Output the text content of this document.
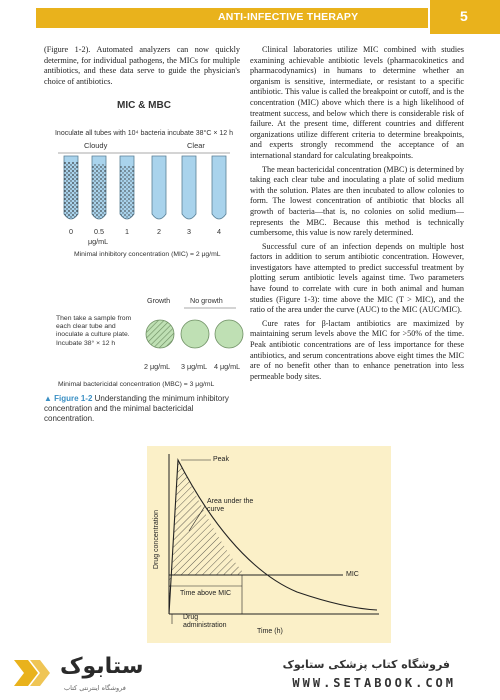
ANTI-INFECTIVE THERAPY	5

(Figure 1-2). Automated analyzers can now quickly determine, for individual pathogens, the MICs for multiple antibiotics, and these data serve to guide the physician's choice of antibiotics.

MIC & MBC
Inoculate all tubes with 10⁴ bacteria incubate 38°C × 12 h
Cloudy	Clear
0	0.5	1	2	3	4
μg/mL
Minimal inhibitory concentration (MIC) = 2 μg/mL
Growth	No growth
Then take a sample from each clear tube and inoculate a culture plate. Incubate 38° × 12 h
2 μg/mL 3 μg/mL 4 μg/mL
Minimal bactericidal concentration (MBC) = 3 μg/mL
▲ Figure 1-2 Understanding the minimum inhibitory concentration and the minimal bactericidal concentration.

Clinical laboratories utilize MIC combined with studies examining achievable antibiotic levels (pharmacokinetics and pharmacodynamics) in humans to determine whether an organism is sensitive, intermediate, or resistant to a specific antibiotic. This value is called the breakpoint or cutoff, and is the concentration (MIC) above which there is a high likelihood of treatment success, and below which there is considerable risk of failure. At the present time, different countries and different organizations utilize different criteria to determine breakpoints, and experts strongly recommend the acceptance of an international standard for calculating breakpoints.

The mean bactericidal concentration (MBC) is determined by taking each clear tube and inoculating a plate of solid medium with the solution. Plates are then incubated to allow colonies to form. The lowest concentration of antibiotic that blocks all growth of bacteria—that is, no colonies on solid medium—represents the MBC. Because this method is technically cumbersome, this value is now rarely determined.

Successful cure of an infection depends on multiple host factors in addition to serum antibiotic concentration. However, investigators have attempted to predict successful treatment by plotting serum antibiotic levels against time. Two parameters have found to correlate with cure in both animal and human studies (Figure 1-3): time above the MIC (T > MIC), and the ratio of the area under the curve (AUC) to the MIC (AUC/MIC).

Cure rates for β-lactam antibiotics are maximized by maintaining serum levels above the MIC for >50% of the time. Peak antibiotic concentrations are of less importance for these antibiotics, and serum concentrations above eight times the MIC are of no benefit other than to enhance penetration into less permeable body sites.

Peak
Area under the curve
MIC
Time above MIC
Drug administration
Drug concentration
Time (h)
ستابوک
فروشگاه اینترنتی کتاب
فروشگاه کتاب پزشکی ستابوک
WWW.SETABOOK.COM
